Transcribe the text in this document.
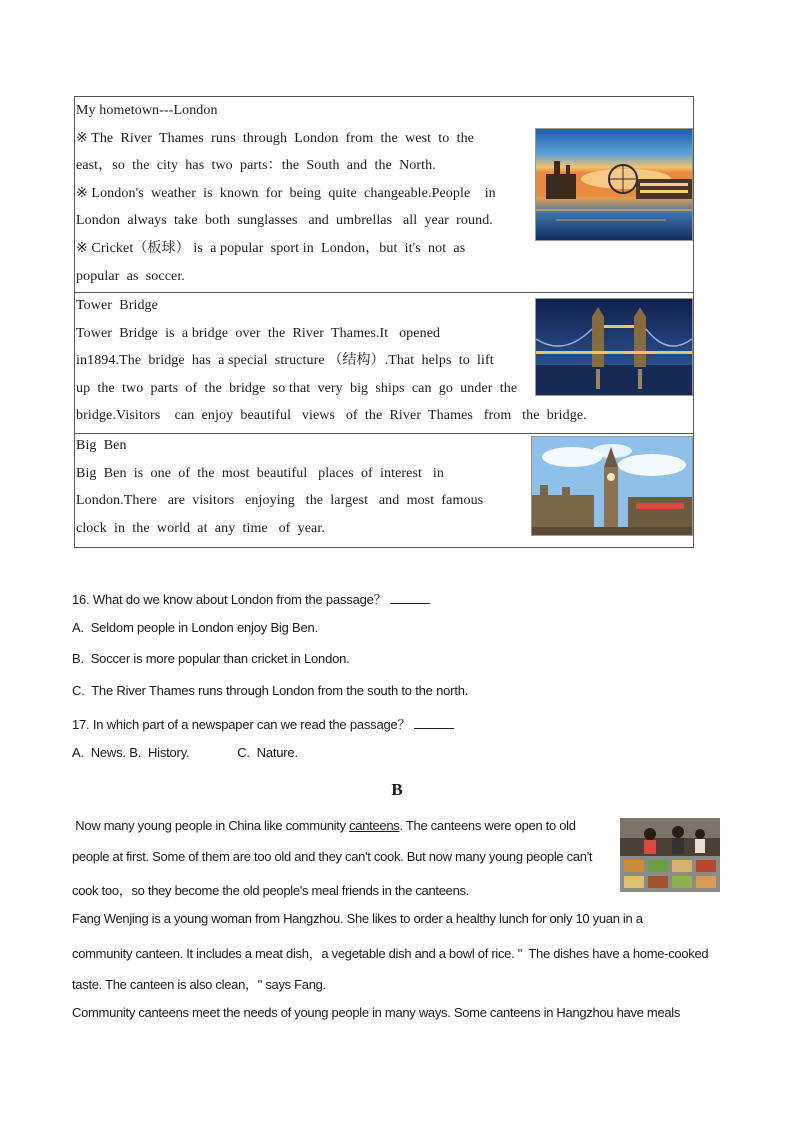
My hometown---London
※ The  River  Thames  runs  through  London  from  the  west  to  the
east，so  the  city  has  two  parts：the  South  and  the  North.
※ London's  weather  is  known  for  being  quite  changeable.People    in
London  always  take  both  sunglasses   and  umbrellas   all  year  round.
※ Cricket（板球） is  a popular  sport in  London，but  it's  not  as
popular  as  soccer.
Tower  Bridge
Tower  Bridge  is  a bridge  over  the  River  Thames.It   opened
in1894.The  bridge  has  a special  structure （结构）.That  helps  to  lift
up  the  two  parts  of  the  bridge  so that  very  big  ships  can  go  under  the
bridge.Visitors    can  enjoy  beautiful   views   of  the  River  Thames   from   the  bridge.
Big  Ben
Big  Ben  is  one  of  the  most  beautiful   places  of  interest   in
London.There   are  visitors   enjoying   the  largest   and  most  famous
clock  in  the  world  at  any  time   of  year.
16. What do we know about London from the passage？
A.  Seldom people in London enjoy Big Ben.
B.  Soccer is more popular than cricket in London.
C.  The River Thames runs through London from the south to the north.
17. In which part of a newspaper can we read the passage？
A.  News. B.  History.              C.  Nature.
B
Now many young people in China like community canteens. The canteens were open to old
people at first. Some of them are too old and they can't cook. But now many young people can't
cook too，so they become the old people's meal friends in the canteens.
Fang Wenjing is a young woman from Hangzhou. She likes to order a healthy lunch for only 10 yuan in a
community canteen. It includes a meat dish，a vegetable dish and a bowl of rice. "  The dishes have a home-cooked
taste. The canteen is also clean，" says Fang.
Community canteens meet the needs of young people in many ways. Some canteens in Hangzhou have meals
